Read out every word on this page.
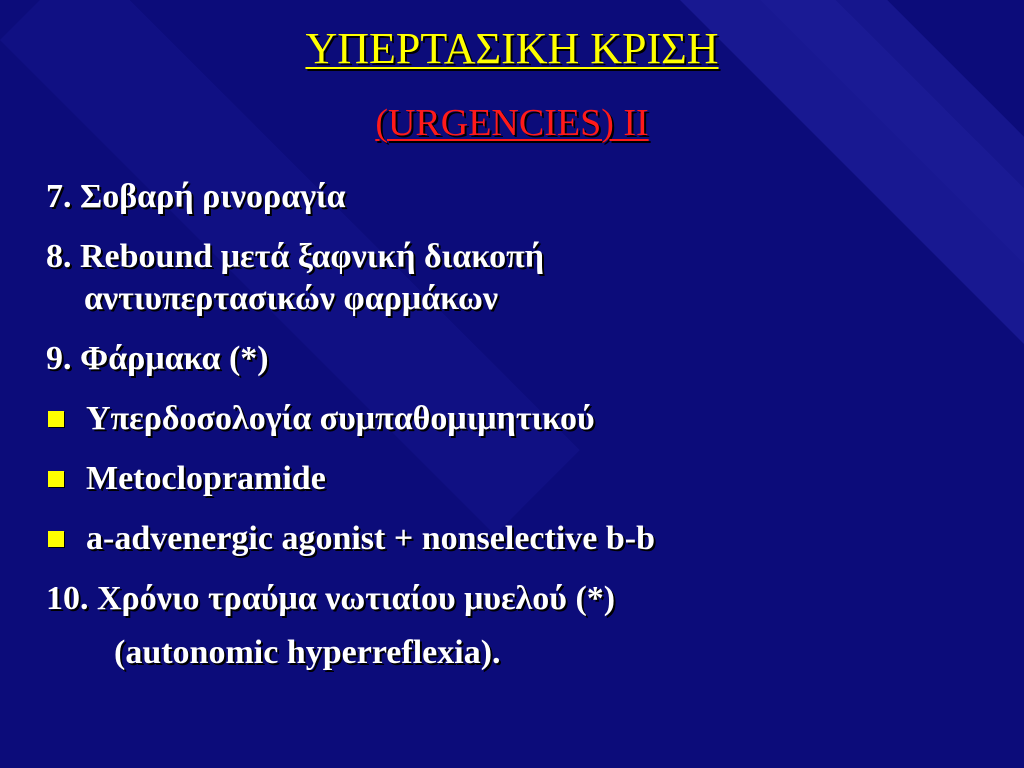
ΥΠΕΡΤΑΣΙΚΗ ΚΡΙΣΗ
(URGENCIES) II
7. Σοβαρή ρινοραγία
8. Rebound μετά ξαφνική διακοπή
αντιυπερτασικών φαρμάκων
9. Φάρμακα (*)
Υπερδοσολογία συμπαθομιμητικού
Metoclopramide
a-advenergic agonist + nonselective b-b
10. Χρόνιο τραύμα νωτιαίου μυελού (*)
(autonomic hyperreflexia).
